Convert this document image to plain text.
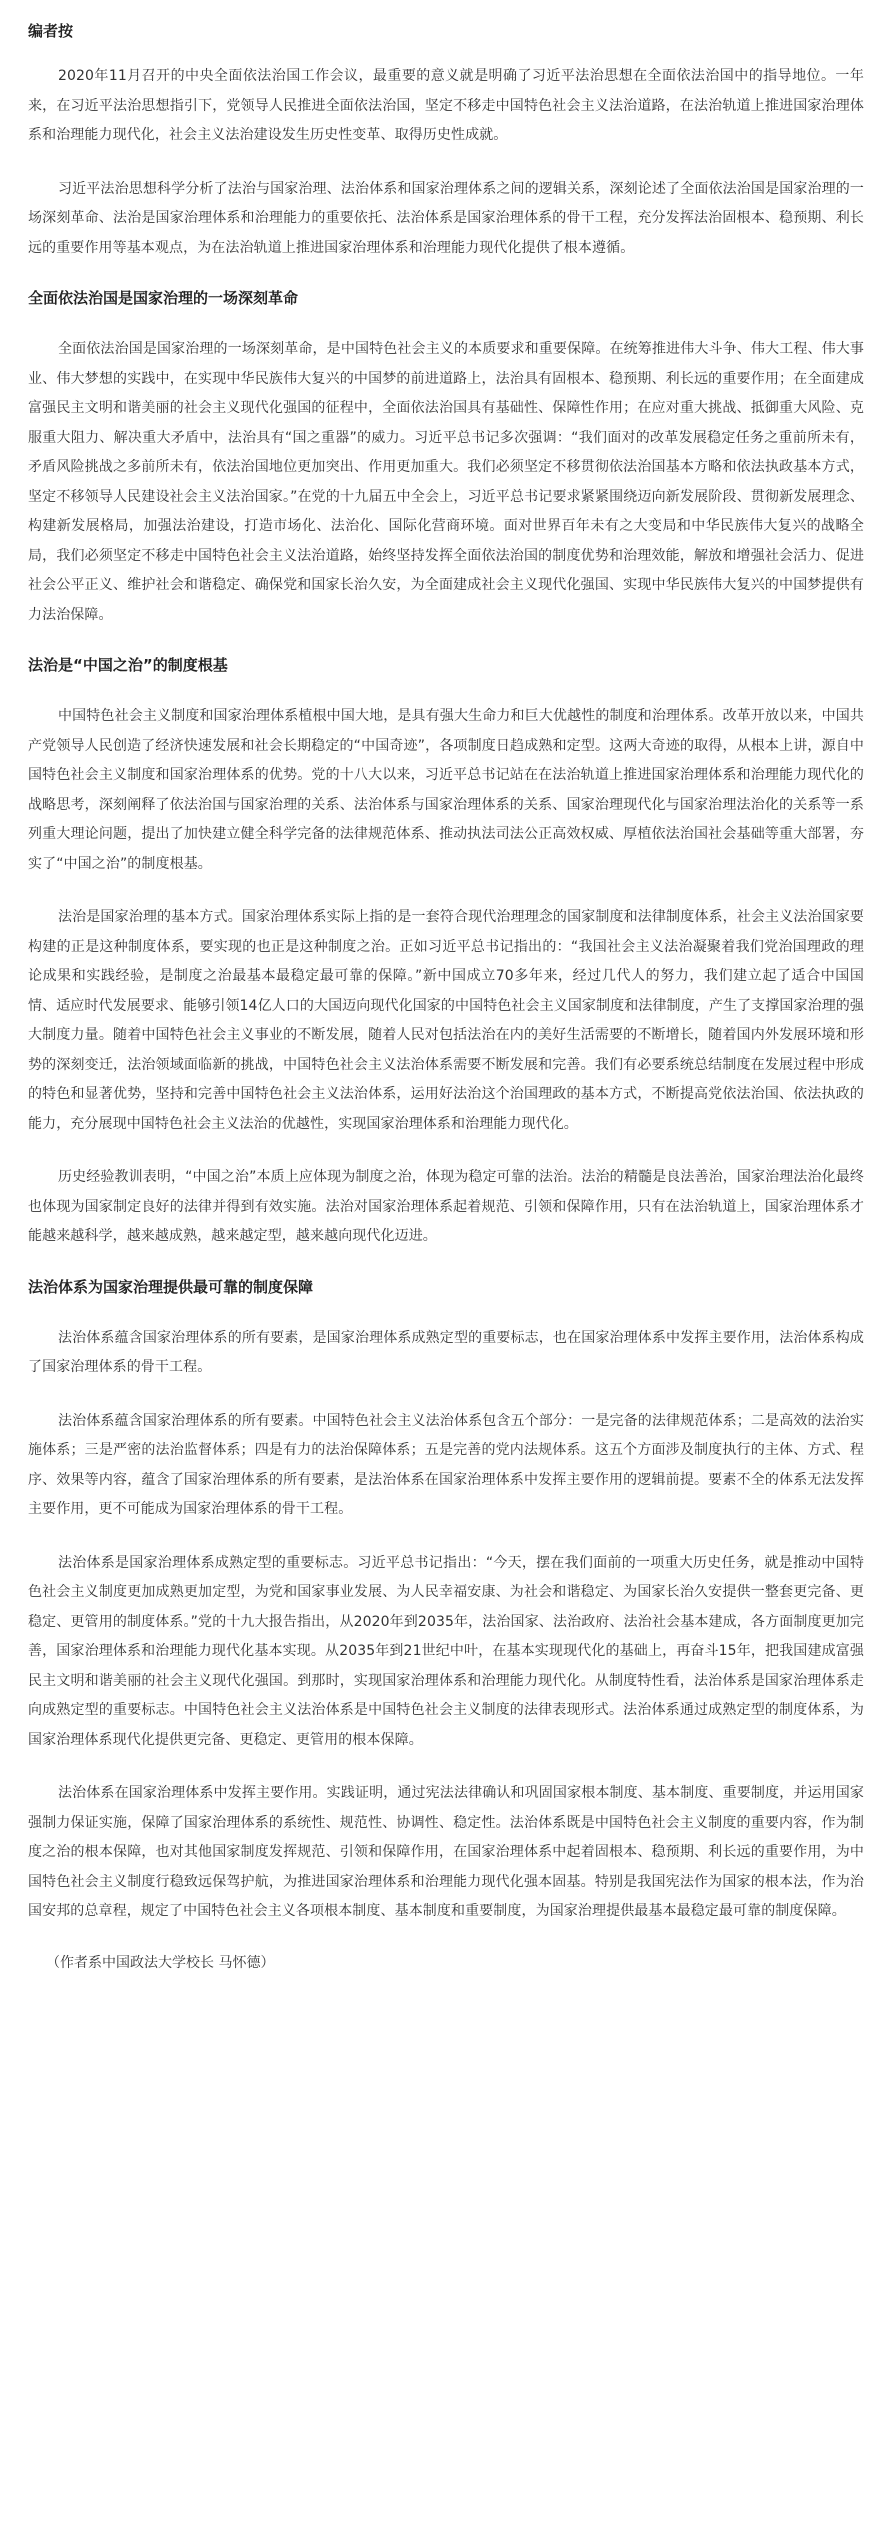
编者按

2020年11月召开的中央全面依法治国工作会议，最重要的意义就是明确了习近平法治思想在全面依法治国中的指导地位。一年来，在习近平法治思想指引下，党领导人民推进全面依法治国，坚定不移走中国特色社会主义法治道路，在法治轨道上推进国家治理体系和治理能力现代化，社会主义法治建设发生历史性变革、取得历史性成就。

习近平法治思想科学分析了法治与国家治理、法治体系和国家治理体系之间的逻辑关系，深刻论述了全面依法治国是国家治理的一场深刻革命、法治是国家治理体系和治理能力的重要依托、法治体系是国家治理体系的骨干工程，充分发挥法治固根本、稳预期、利长远的重要作用等基本观点，为在法治轨道上推进国家治理体系和治理能力现代化提供了根本遵循。

全面依法治国是国家治理的一场深刻革命

全面依法治国是国家治理的一场深刻革命，是中国特色社会主义的本质要求和重要保障。在统筹推进伟大斗争、伟大工程、伟大事业、伟大梦想的实践中，在实现中华民族伟大复兴的中国梦的前进道路上，法治具有固根本、稳预期、利长远的重要作用；在全面建成富强民主文明和谐美丽的社会主义现代化强国的征程中，全面依法治国具有基础性、保障性作用；在应对重大挑战、抵御重大风险、克服重大阻力、解决重大矛盾中，法治具有“国之重器”的威力。习近平总书记多次强调：“我们面对的改革发展稳定任务之重前所未有，矛盾风险挑战之多前所未有，依法治国地位更加突出、作用更加重大。我们必须坚定不移贯彻依法治国基本方略和依法执政基本方式，坚定不移领导人民建设社会主义法治国家。”在党的十九届五中全会上，习近平总书记要求紧紧围绕迈向新发展阶段、贯彻新发展理念、构建新发展格局，加强法治建设，打造市场化、法治化、国际化营商环境。面对世界百年未有之大变局和中华民族伟大复兴的战略全局，我们必须坚定不移走中国特色社会主义法治道路，始终坚持发挥全面依法治国的制度优势和治理效能，解放和增强社会活力、促进社会公平正义、维护社会和谐稳定、确保党和国家长治久安，为全面建成社会主义现代化强国、实现中华民族伟大复兴的中国梦提供有力法治保障。

法治是“中国之治”的制度根基

中国特色社会主义制度和国家治理体系植根中国大地，是具有强大生命力和巨大优越性的制度和治理体系。改革开放以来，中国共产党领导人民创造了经济快速发展和社会长期稳定的“中国奇迹”，各项制度日趋成熟和定型。这两大奇迹的取得，从根本上讲，源自中国特色社会主义制度和国家治理体系的优势。党的十八大以来，习近平总书记站在在法治轨道上推进国家治理体系和治理能力现代化的战略思考，深刻阐释了依法治国与国家治理的关系、法治体系与国家治理体系的关系、国家治理现代化与国家治理法治化的关系等一系列重大理论问题，提出了加快建立健全科学完备的法律规范体系、推动执法司法公正高效权威、厚植依法治国社会基础等重大部署，夯实了“中国之治”的制度根基。

法治是国家治理的基本方式。国家治理体系实际上指的是一套符合现代治理理念的国家制度和法律制度体系，社会主义法治国家要构建的正是这种制度体系，要实现的也正是这种制度之治。正如习近平总书记指出的：“我国社会主义法治凝聚着我们党治国理政的理论成果和实践经验，是制度之治最基本最稳定最可靠的保障。”新中国成立70多年来，经过几代人的努力，我们建立起了适合中国国情、适应时代发展要求、能够引领14亿人口的大国迈向现代化国家的中国特色社会主义国家制度和法律制度，产生了支撑国家治理的强大制度力量。随着中国特色社会主义事业的不断发展，随着人民对包括法治在内的美好生活需要的不断增长，随着国内外发展环境和形势的深刻变迁，法治领域面临新的挑战，中国特色社会主义法治体系需要不断发展和完善。我们有必要系统总结制度在发展过程中形成的特色和显著优势，坚持和完善中国特色社会主义法治体系，运用好法治这个治国理政的基本方式，不断提高党依法治国、依法执政的能力，充分展现中国特色社会主义法治的优越性，实现国家治理体系和治理能力现代化。

历史经验教训表明，“中国之治”本质上应体现为制度之治，体现为稳定可靠的法治。法治的精髓是良法善治，国家治理法治化最终也体现为国家制定良好的法律并得到有效实施。法治对国家治理体系起着规范、引领和保障作用，只有在法治轨道上，国家治理体系才能越来越科学，越来越成熟，越来越定型，越来越向现代化迈进。

法治体系为国家治理提供最可靠的制度保障

法治体系蕴含国家治理体系的所有要素，是国家治理体系成熟定型的重要标志，也在国家治理体系中发挥主要作用，法治体系构成了国家治理体系的骨干工程。

法治体系蕴含国家治理体系的所有要素。中国特色社会主义法治体系包含五个部分：一是完备的法律规范体系；二是高效的法治实施体系；三是严密的法治监督体系；四是有力的法治保障体系；五是完善的党内法规体系。这五个方面涉及制度执行的主体、方式、程序、效果等内容，蕴含了国家治理体系的所有要素，是法治体系在国家治理体系中发挥主要作用的逻辑前提。要素不全的体系无法发挥主要作用，更不可能成为国家治理体系的骨干工程。

法治体系是国家治理体系成熟定型的重要标志。习近平总书记指出：“今天，摆在我们面前的一项重大历史任务，就是推动中国特色社会主义制度更加成熟更加定型，为党和国家事业发展、为人民幸福安康、为社会和谐稳定、为国家长治久安提供一整套更完备、更稳定、更管用的制度体系。”党的十九大报告指出，从2020年到2035年，法治国家、法治政府、法治社会基本建成，各方面制度更加完善，国家治理体系和治理能力现代化基本实现。从2035年到21世纪中叶，在基本实现现代化的基础上，再奋斗15年，把我国建成富强民主文明和谐美丽的社会主义现代化强国。到那时，实现国家治理体系和治理能力现代化。从制度特性看，法治体系是国家治理体系走向成熟定型的重要标志。中国特色社会主义法治体系是中国特色社会主义制度的法律表现形式。法治体系通过成熟定型的制度体系，为国家治理体系现代化提供更完备、更稳定、更管用的根本保障。

法治体系在国家治理体系中发挥主要作用。实践证明，通过宪法法律确认和巩固国家根本制度、基本制度、重要制度，并运用国家强制力保证实施，保障了国家治理体系的系统性、规范性、协调性、稳定性。法治体系既是中国特色社会主义制度的重要内容，作为制度之治的根本保障，也对其他国家制度发挥规范、引领和保障作用，在国家治理体系中起着固根本、稳预期、利长远的重要作用，为中国特色社会主义制度行稳致远保驾护航，为推进国家治理体系和治理能力现代化强本固基。特别是我国宪法作为国家的根本法，作为治国安邦的总章程，规定了中国特色社会主义各项根本制度、基本制度和重要制度，为国家治理提供最基本最稳定最可靠的制度保障。

（作者系中国政法大学校长 马怀德）
